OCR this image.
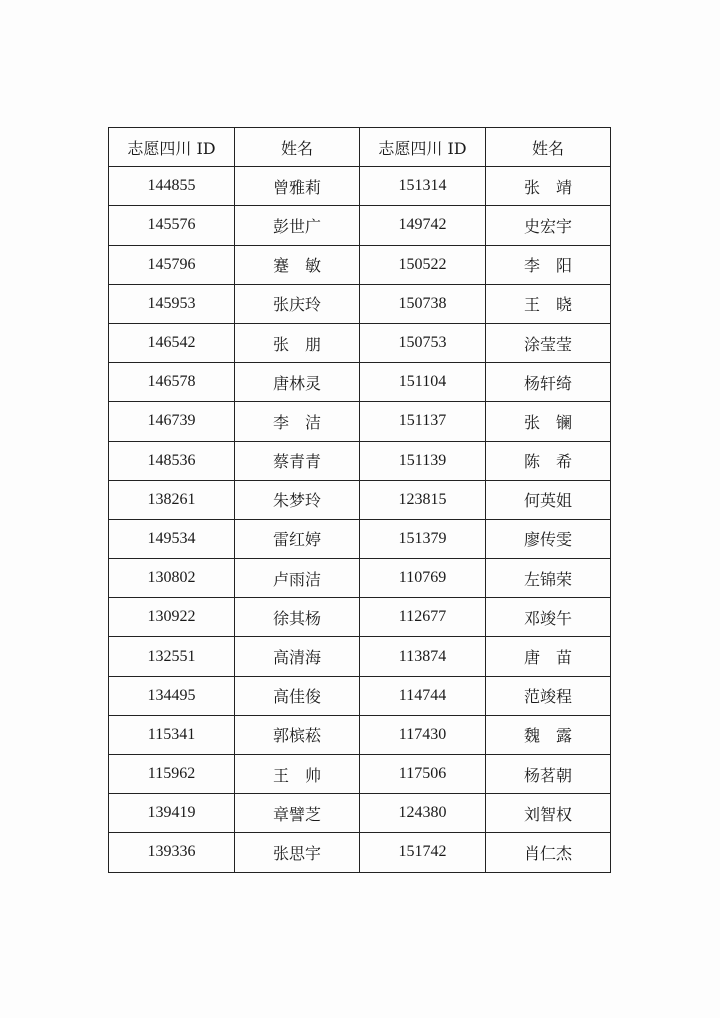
志愿四川 ID	姓名	志愿四川 ID	姓名
144855	曾雅莉	151314	张　靖
145576	彭世广	149742	史宏宇
145796	蹇　敏	150522	李　阳
145953	张庆玲	150738	王　晓
146542	张　朋	150753	涂莹莹
146578	唐林灵	151104	杨轩绮
146739	李　洁	151137	张　镧
148536	蔡青青	151139	陈　希
138261	朱梦玲	123815	何英姐
149534	雷红婷	151379	廖传雯
130802	卢雨洁	110769	左锦荣
130922	徐其杨	112677	邓竣午
132551	高清海	113874	唐　苗
134495	高佳俊	114744	范竣程
115341	郭槟菘	117430	魏　露
115962	王　帅	117506	杨茗朝
139419	章譬芝	124380	刘智权
139336	张思宇	151742	肖仁杰
